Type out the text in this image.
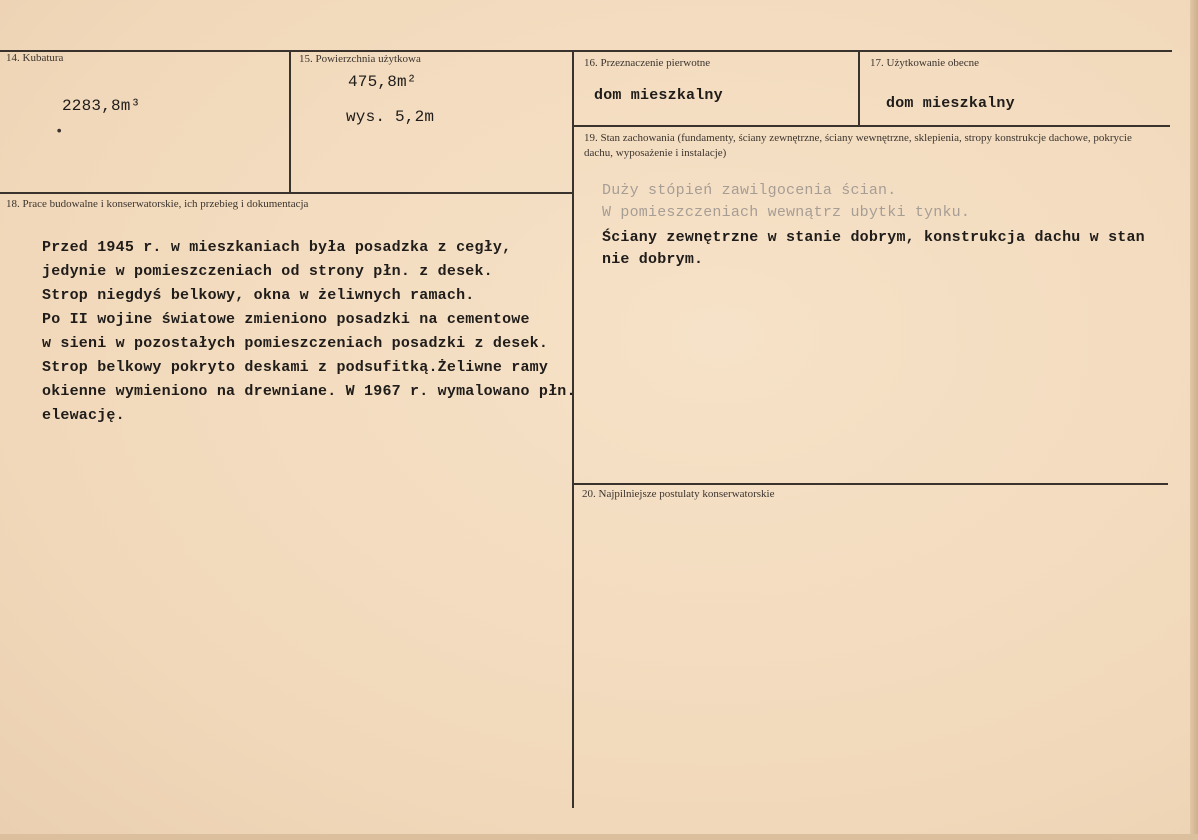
14. Kubatura
2283,8m³
•
15. Powierzchnia użytkowa
475,8m²
wys. 5,2m
16. Przeznaczenie pierwotne
dom mieszkalny
17. Użytkowanie obecne
dom mieszkalny
19. Stan zachowania (fundamenty, ściany zewnętrzne, ściany wewnętrzne, sklepienia, stropy konstrukcje dachowe, pokrycie dachu, wyposażenie i instalacje)
Duży stópień zawilgocenia ścian.
W pomieszczeniach wewnątrz ubytki tynku.
Ściany zewnętrzne w stanie dobrym, konstrukcja dachu w stan
nie dobrym.
18. Prace budowalne i konserwatorskie, ich przebieg i dokumentacja
Przed 1945 r. w mieszkaniach była posadzka z cegły,
jedynie w pomieszczeniach od strony płn. z desek.
Strop niegdyś belkowy, okna w żeliwnych ramach.
Po II wojine światowe zmieniono posadzki na cementowe
w sieni w pozostałych pomieszczeniach posadzki z desek.
Strop belkowy pokryto deskami z podsufitką.Żeliwne ramy
okienne wymieniono na drewniane. W 1967 r. wymalowano płn.
elewację.
20. Najpilniejsze postulaty konserwatorskie
